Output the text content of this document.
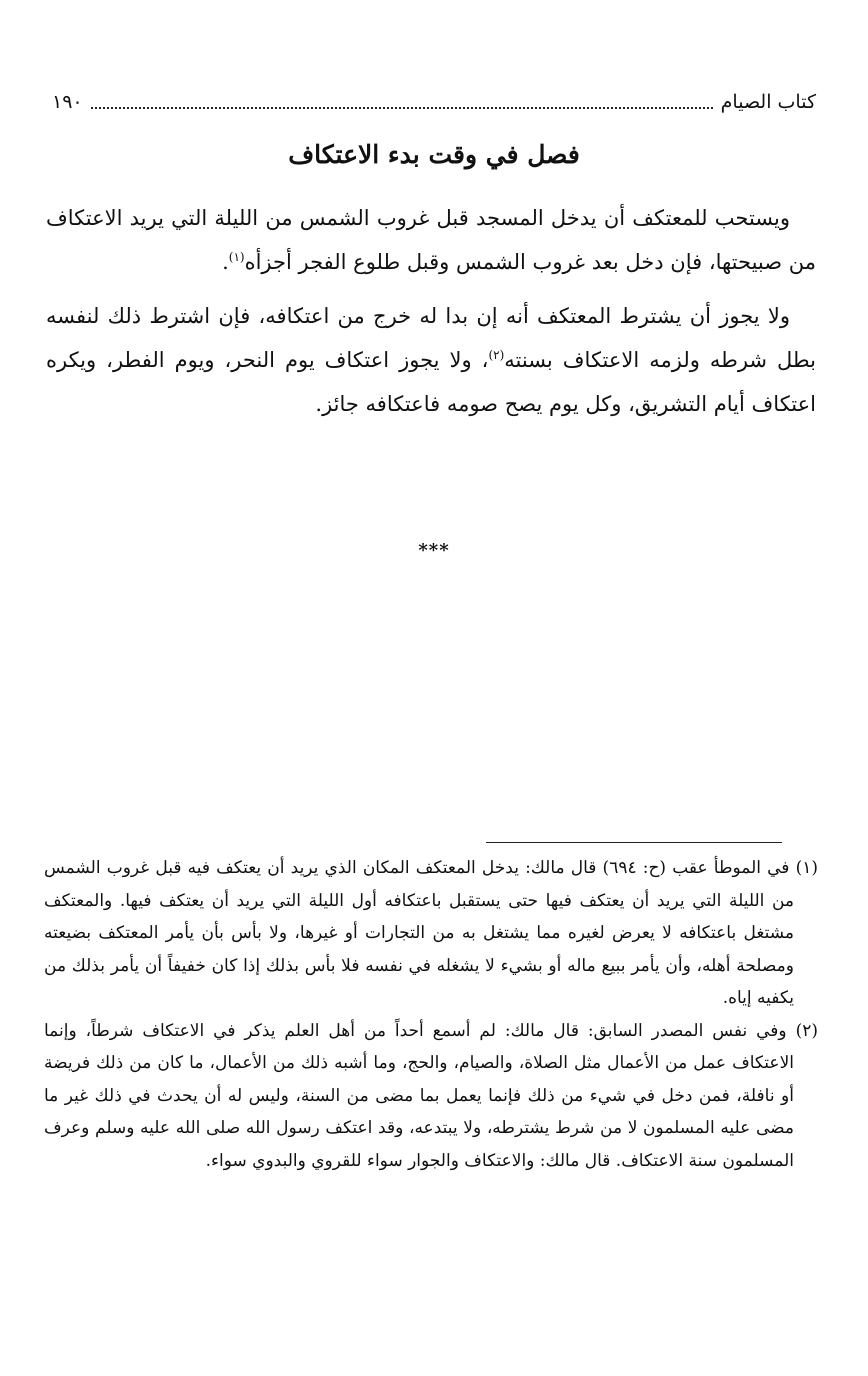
كتاب الصيام
١٩٠
فصل في وقت بدء الاعتكاف

ويستحب للمعتكف أن يدخل المسجد قبل غروب الشمس من الليلة التي يريد الاعتكاف من صبيحتها، فإن دخل بعد غروب الشمس وقبل طلوع الفجر أجزأه$^{(١)}$.

ولا يجوز أن يشترط المعتكف أنه إن بدا له خرج من اعتكافه، فإن اشترط ذلك لنفسه بطل شرطه ولزمه الاعتكاف بسنته$^{(٢)}$، ولا يجوز اعتكاف يوم النحر، ويوم الفطر، ويكره اعتكاف أيام التشريق، وكل يوم يصح صومه فاعتكافه جائز.

***

(١) في الموطأ عقب (ح: ٦٩٤) قال مالك: يدخل المعتكف المكان الذي يريد أن يعتكف فيه قبل غروب الشمس من الليلة التي يريد أن يعتكف فيها حتى يستقبل باعتكافه أول الليلة التي يريد أن يعتكف فيها. والمعتكف مشتغل باعتكافه لا يعرض لغيره مما يشتغل به من التجارات أو غيرها، ولا بأس بأن يأمر المعتكف بضيعته ومصلحة أهله، وأن يأمر ببيع ماله أو بشيء لا يشغله في نفسه فلا بأس بذلك إذا كان خفيفاً أن يأمر بذلك من يكفيه إياه.

(٢) وفي نفس المصدر السابق: قال مالك: لم أسمع أحداً من أهل العلم يذكر في الاعتكاف شرطاً، وإنما الاعتكاف عمل من الأعمال مثل الصلاة، والصيام، والحج، وما أشبه ذلك من الأعمال، ما كان من ذلك فريضة أو نافلة، فمن دخل في شيء من ذلك فإنما يعمل بما مضى من السنة، وليس له أن يحدث في ذلك غير ما مضى عليه المسلمون لا من شرط يشترطه، ولا يبتدعه، وقد اعتكف رسول الله صلى الله عليه وسلم وعرف المسلمون سنة الاعتكاف. قال مالك: والاعتكاف والجوار سواء للقروي والبدوي سواء.
